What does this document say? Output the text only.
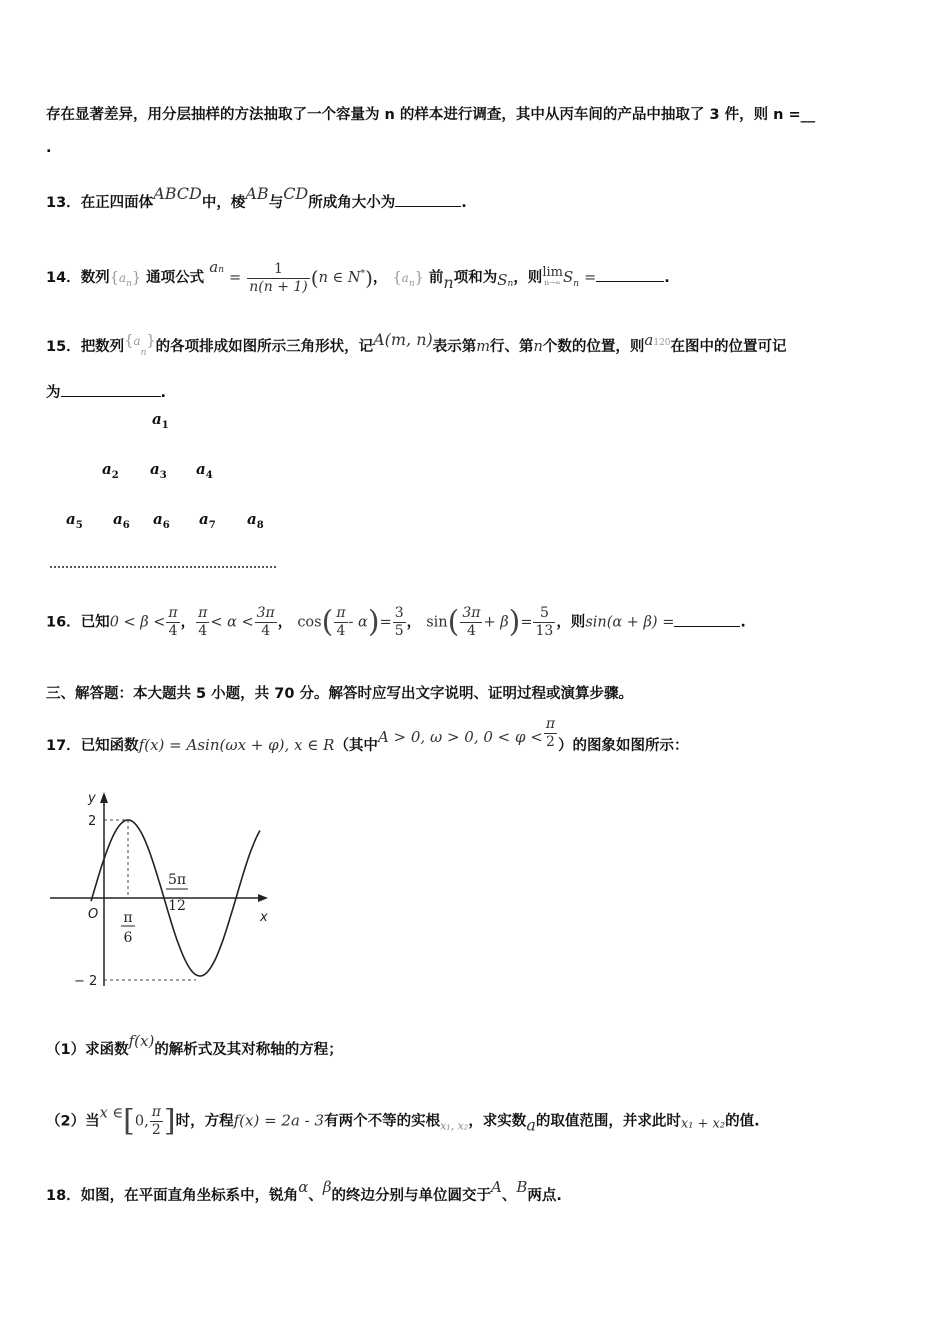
存在显著差异，用分层抽样的方法抽取了一个容量为 n 的样本进行调查，其中从丙车间的产品中抽取了 3 件，则 n =__
.
13．在正四面体ABCD中，棱AB与CD所成角大小为	.
14．数列$\{a_n\}$ 通项公式 $a_n = \frac{1}{n(n + 1)} (n$ ∈ N*)， $\{a_n\}$ 前n项和为$S_n$，则 lim
n→∞ $S_n$ =	.
15．把数列{$^a_n$}的各项排成如图所示三角形状，记A(m, n)表示第m行、第n个数的位置，则$a_{120}$在图中的位置可记
为	.
$a_1$
$a_2$ $a_3$ $a_4$
$a_5$ $a_6$ $a_6$ $a_7$ $a_8$
16．已知$0 < \beta < \frac{\pi}{4}$ ， $\frac{\pi}{4} < \alpha < \frac{3\pi}{4}$ ， $\cos( \frac{\pi}{4} - \alpha)= \frac{3}{5}$ ， $\sin( \frac{3\pi}{4} + \beta)= \frac{5}{13}$ ，则sin(α + β) =	.
三、解答题：本大题共 5 小题，共 70 分。解答时应写出文字说明、证明过程或演算步骤。
17．已知函数f(x) = Asin(ωx + φ), x ∈ R（其中A > 0, ω > 0, $0 < \varphi < \frac{\pi}{2}$ ）的图象如图所示：
y
x
O
2
− 2
π
6
5π
12
（1）求函数f(x)的解析式及其对称轴的方程；
（2）当x ∈[0, $\frac{\pi}{2}$ ]时，方程f(x) = 2a - 3有两个不等的实根$_{x_1, x_2}$，求实数a的取值范围，并求此时x₁ + x₂的值.
18．如图，在平面直角坐标系中，锐角α、β的终边分别与单位圆交于A、B两点.
